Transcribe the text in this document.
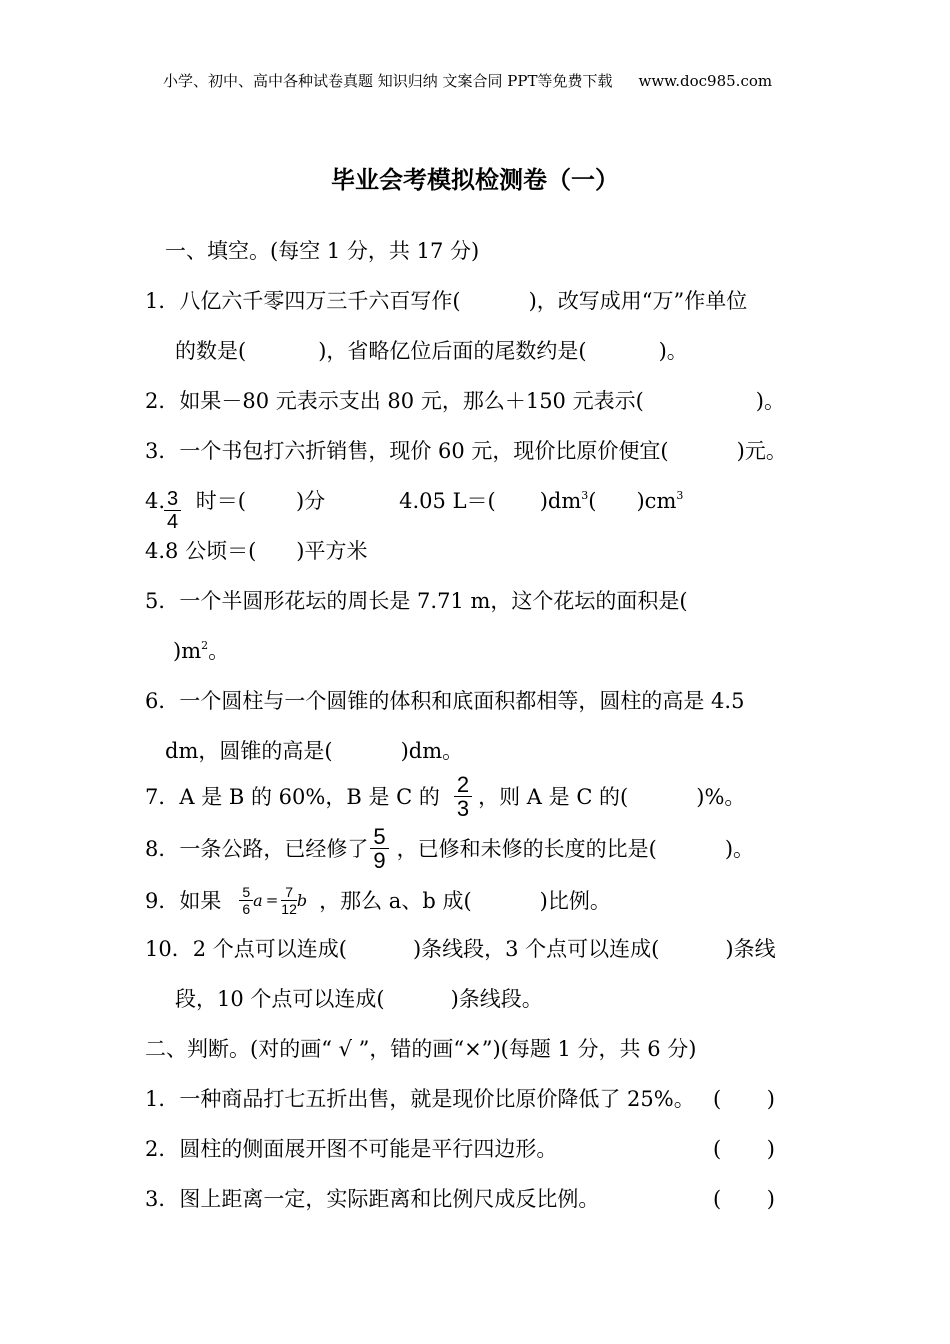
小学、初中、高中各种试卷真题 知识归纳 文案合同 PPT等免费下载 www.doc985.com
毕业会考模拟检测卷（一）
一、填空。(每空 1 分，共 17 分)
1．八亿六千零四万三千六百写作(	)，改写成用“万”作单位
的数是(	)，省略亿位后面的尾数约是(	)。
2．如果－80 元表示支出 80 元，那么＋150 元表示(	)。
3．一个书包打六折销售，现价 60 元，现价比原价便宜(	)元。
4. 时＝( )分	4.05 L＝( )$dm^3$( )$cm^3$
$\frac{3}{4}$
4.8 公顷＝( )平方米
5．一个半圆形花坛的周长是 7.71 m，这个花坛的面积是(
)$m^2$。
6．一个圆柱与一个圆锥的体积和底面积都相等，圆柱的高是 4.5
dm，圆锥的高是(	)dm。
7．A 是 B 的 60%，B 是 C 的 $\frac{2}{3}$ ，则 A 是 C 的(	)%。
8．一条公路，已经修了 $\frac{5}{9}$ ，已修和未修的长度的比是(	)。
9．如果 $\frac{5}{6}$ $a = \frac{7}{12}$ b ，那么 a、b 成(	)比例。
10．2 个点可以连成(	)条线段，3 个点可以连成(	)条线
段，10 个点可以连成(	)条线段。
二、判断。(对的画“ √ ”，错的画“×”)(每题 1 分，共 6 分)
1．一种商品打七五折出售，就是现价比原价降低了 25%。 ( )
2．圆柱的侧面展开图不可能是平行四边形。	( )
3．图上距离一定，实际距离和比例尺成反比例。	( )
